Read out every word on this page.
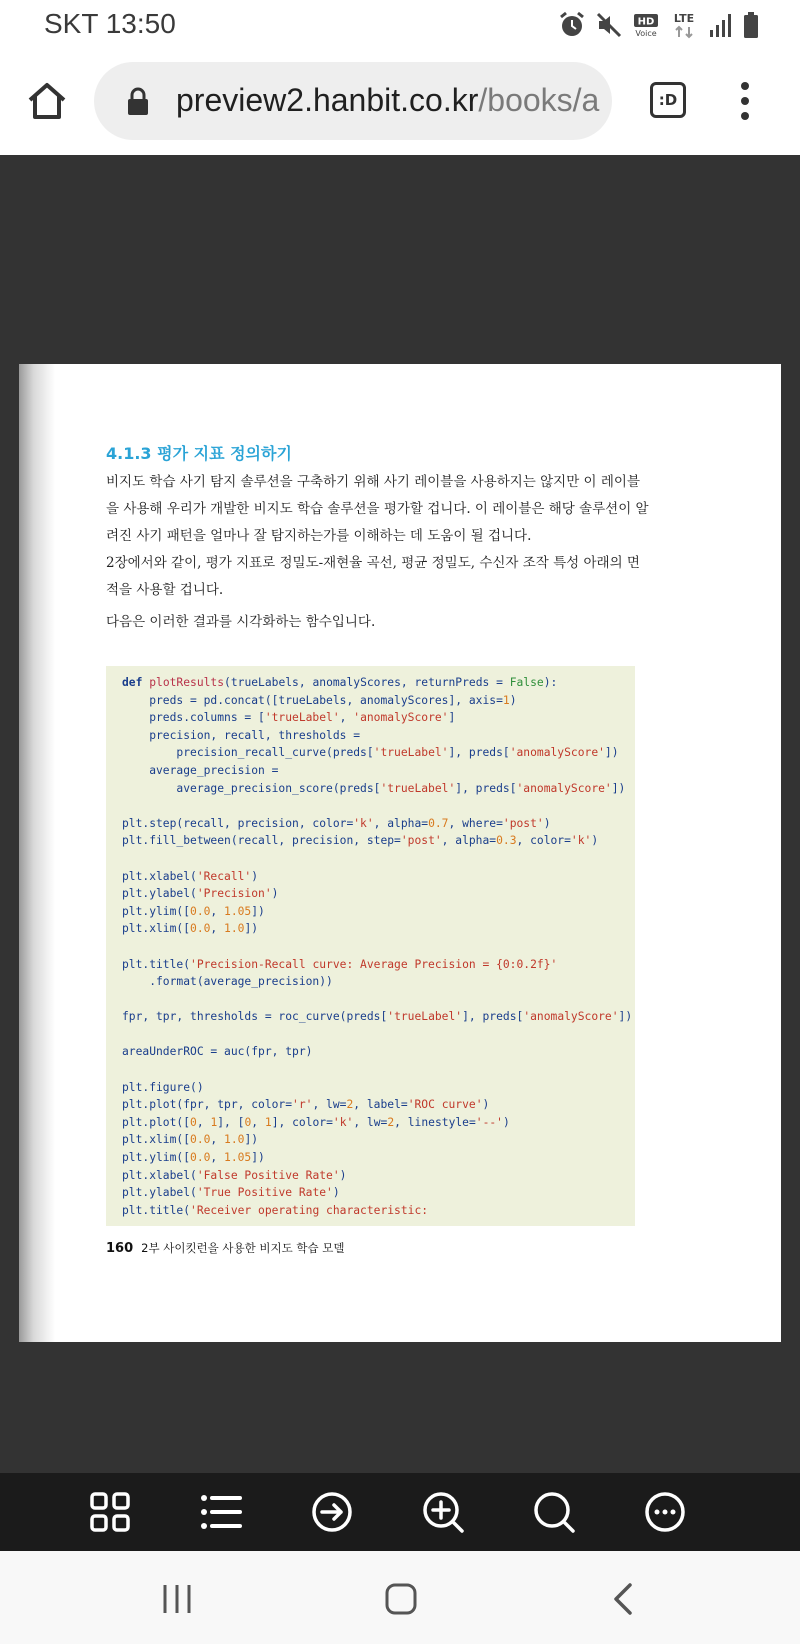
SKT 13:50	HD
Voice
LTE
preview2.hanbit.co.kr/books/a	:D
4.1.3 평가 지표 정의하기
비지도 학습 사기 탐지 솔루션을 구축하기 위해 사기 레이블을 사용하지는 않지만 이 레이블을 사용해 우리가 개발한 비지도 학습 솔루션을 평가할 겁니다. 이 레이블은 해당 솔루션이 알려진 사기 패턴을 얼마나 잘 탐지하는가를 이해하는 데 도움이 될 겁니다.
2장에서와 같이, 평가 지표로 정밀도-재현율 곡선, 평균 정밀도, 수신자 조작 특성 아래의 면적을 사용할 겁니다.
다음은 이러한 결과를 시각화하는 함수입니다.
def plotResults(trueLabels, anomalyScores, returnPreds = False):
preds = pd.concat([trueLabels, anomalyScores], axis=1)
preds.columns = ['trueLabel', 'anomalyScore']
precision, recall, thresholds =
precision_recall_curve(preds['trueLabel'], preds['anomalyScore'])
average_precision =
average_precision_score(preds['trueLabel'], preds['anomalyScore'])

plt.step(recall, precision, color='k', alpha=0.7, where='post')
plt.fill_between(recall, precision, step='post', alpha=0.3, color='k')

plt.xlabel('Recall')
plt.ylabel('Precision')
plt.ylim([0.0, 1.05])
plt.xlim([0.0, 1.0])

plt.title('Precision-Recall curve: Average Precision = {0:0.2f}'
.format(average_precision))

fpr, tpr, thresholds = roc_curve(preds['trueLabel'], preds['anomalyScore'])

areaUnderROC = auc(fpr, tpr)

plt.figure()
plt.plot(fpr, tpr, color='r', lw=2, label='ROC curve')
plt.plot([0, 1], [0, 1], color='k', lw=2, linestyle='--')
plt.xlim([0.0, 1.0])
plt.ylim([0.0, 1.05])
plt.xlabel('False Positive Rate')
plt.ylabel('True Positive Rate')
plt.title('Receiver operating characteristic:
160 2부 사이킷런을 사용한 비지도 학습 모델
